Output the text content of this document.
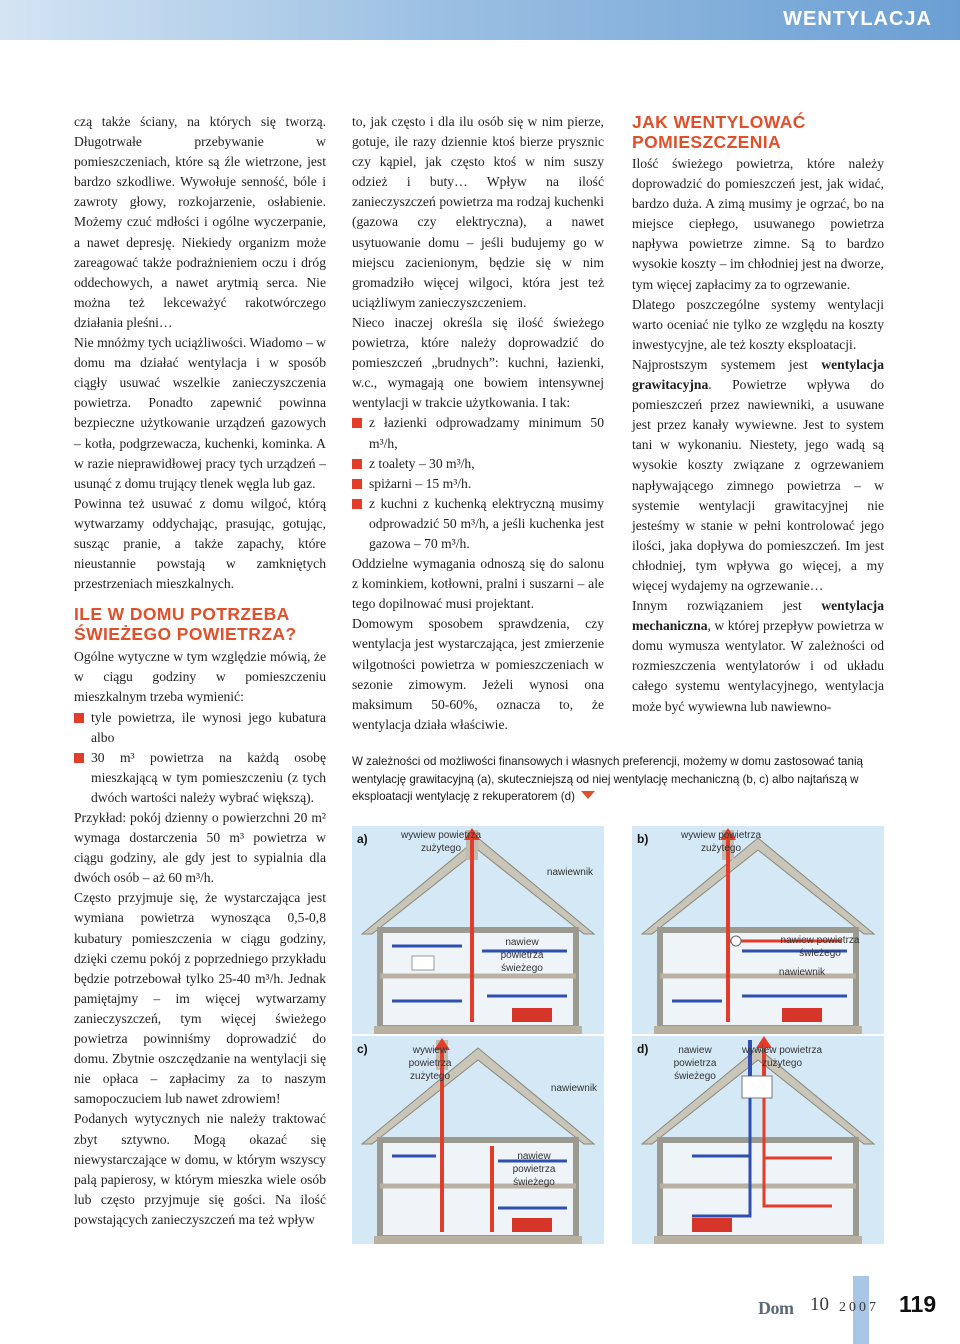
WENTYLACJA

czą także ściany, na których się tworzą. Długotrwałe przebywanie w pomieszczeniach, które są źle wietrzone, jest bardzo szkodliwe. Wywołuje senność, bóle i zawroty głowy, rozkojarzenie, osłabienie. Możemy czuć mdłości i ogólne wyczerpanie, a nawet depresję. Niekiedy organizm może zareagować także podrażnieniem oczu i dróg oddechowych, a nawet arytmią serca. Nie można też lekceważyć rakotwórczego działania pleśni…

Nie mnóżmy tych uciążliwości. Wiadomo – w domu ma działać wentylacja i w sposób ciągły usuwać wszelkie zanieczyszczenia powietrza. Ponadto zapewnić powinna bezpieczne użytkowanie urządzeń gazowych – kotła, podgrzewacza, kuchenki, kominka. A w razie nieprawidłowej pracy tych urządzeń – usunąć z domu trujący tlenek węgla lub gaz.

Powinna też usuwać z domu wilgoć, którą wytwarzamy oddychając, prasując, gotując, susząc pranie, a także zapachy, które nieustannie powstają w zamkniętych przestrzeniach mieszkalnych.

ILE W DOMU POTRZEBA ŚWIEŻEGO POWIETRZA?

Ogólne wytyczne w tym względzie mówią, że w ciągu godziny w pomieszczeniu mieszkalnym trzeba wymienić:

tyle powietrza, ile wynosi jego kubatura albo
30 m³ powietrza na każdą osobę mieszkającą w tym pomieszczeniu (z tych dwóch wartości należy wybrać większą).

Przykład: pokój dzienny o powierzchni 20 m² wymaga dostarczenia 50 m³ powietrza w ciągu godziny, ale gdy jest to sypialnia dla dwóch osób – aż 60 m³/h.

Często przyjmuje się, że wystarczająca jest wymiana powietrza wynosząca 0,5-0,8 kubatury pomieszczenia w ciągu godziny, dzięki czemu pokój z poprzedniego przykładu będzie potrzebował tylko 25-40 m³/h. Jednak pamiętajmy – im więcej wytwarzamy zanieczyszczeń, tym więcej świeżego powietrza powinniśmy doprowadzić do domu. Zbytnie oszczędzanie na wentylacji się nie opłaca – zapłacimy za to naszym samopoczuciem lub nawet zdrowiem!

Podanych wytycznych nie należy traktować zbyt sztywno. Mogą okazać się niewystarczające w domu, w którym wszyscy palą papierosy, w którym mieszka wiele osób lub często przyjmuje się gości. Na ilość powstających zanieczyszczeń ma też wpływ

to, jak często i dla ilu osób się w nim pierze, gotuje, ile razy dziennie ktoś bierze prysznic czy kąpiel, jak często ktoś w nim suszy odzież i buty… Wpływ na ilość zanieczyszczeń powietrza ma rodzaj kuchenki (gazowa czy elektryczna), a nawet usytuowanie domu – jeśli budujemy go w miejscu zacienionym, będzie się w nim gromadziło więcej wilgoci, która jest też uciążliwym zanieczyszczeniem.

Nieco inaczej określa się ilość świeżego powietrza, które należy doprowadzić do pomieszczeń „brudnych”: kuchni, łazienki, w.c., wymagają one bowiem intensywnej wentylacji w trakcie użytkowania. I tak:

z łazienki odprowadzamy minimum 50 m³/h,
z toalety – 30 m³/h,
spiżarni – 15 m³/h.
z kuchni z kuchenką elektryczną musimy odprowadzić 50 m³/h, a jeśli kuchenka jest gazowa – 70 m³/h.

Oddzielne wymagania odnoszą się do salonu z kominkiem, kotłowni, pralni i suszarni – ale tego dopilnować musi projektant.

Domowym sposobem sprawdzenia, czy wentylacja jest wystarczająca, jest zmierzenie wilgotności powietrza w pomieszczeniach w sezonie zimowym. Jeżeli wynosi ona maksimum 50-60%, oznacza to, że wentylacja działa właściwie.

JAK WENTYLOWAĆ POMIESZCZENIA

Ilość świeżego powietrza, które należy doprowadzić do pomieszczeń jest, jak widać, bardzo duża. A zimą musimy je ogrzać, bo na miejsce ciepłego, usuwanego powietrza napływa powietrze zimne. Są to bardzo wysokie koszty – im chłodniej jest na dworze, tym więcej zapłacimy za to ogrzewanie.

Dlatego poszczególne systemy wentylacji warto oceniać nie tylko ze względu na koszty inwestycyjne, ale też koszty eksploatacji.

Najprostszym systemem jest wentylacja grawitacyjna. Powietrze wpływa do pomieszczeń przez nawiewniki, a usuwane jest przez kanały wywiewne. Jest to system tani w wykonaniu. Niestety, jego wadą są wysokie koszty związane z ogrzewaniem napływającego zimnego powietrza – w systemie wentylacji grawitacyjnej nie jesteśmy w stanie w pełni kontrolować jego ilości, jaka dopływa do pomieszczeń. Im jest chłodniej, tym wpływa go więcej, a my więcej wydajemy na ogrzewanie…

Innym rozwiązaniem jest wentylacja mechaniczna, w której przepływ powietrza w domu wymusza wentylator. W zależności od rozmieszczenia wentylatorów i od układu całego systemu wentylacyjnego, wentylacja może być wywiewna lub nawiewno-

W zależności od możliwości finansowych i własnych preferencji, możemy w domu zastosować tanią wentylację grawitacyjną (a), skuteczniejszą od niej wentylację mechaniczną (b, c) albo najtańszą w eksploatacji wentylację z rekuperatorem (d)
a)	wywiew powietrza zużytego
nawiewnik
nawiew powietrza świeżego
b)	wywiew powietrza zużytego
nawiew powietrza świeżego
nawiewnik
c)	wywiew powietrza zużytego
nawiewnik
nawiew powietrza świeżego
d)	nawiew powietrza świeżego
wywiew powietrza zużytego
Dom 10 2007 119
